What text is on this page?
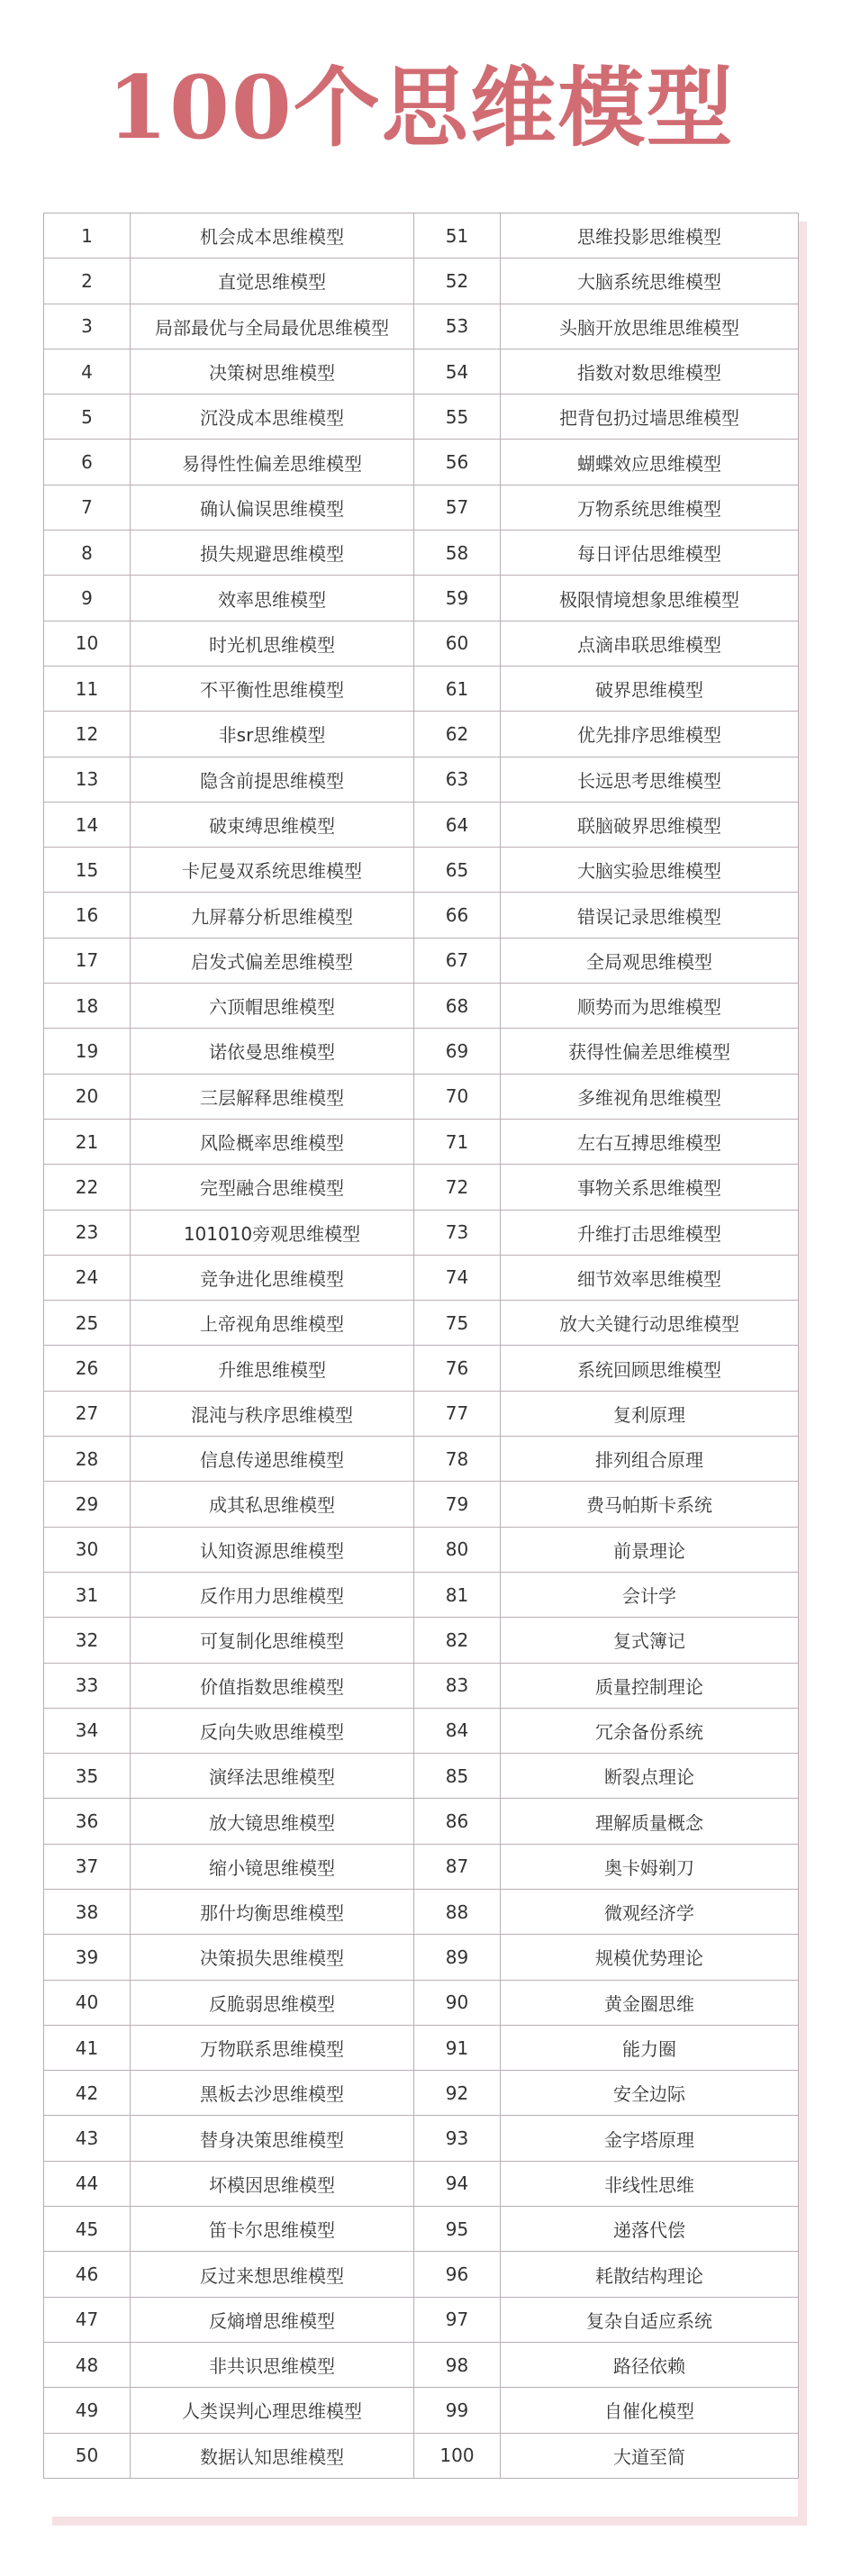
100个思维模型
1	机会成本思维模型	51	思维投影思维模型
2	直觉思维模型	52	大脑系统思维模型
3	局部最优与全局最优思维模型	53	头脑开放思维思维模型
4	决策树思维模型	54	指数对数思维模型
5	沉没成本思维模型	55	把背包扔过墙思维模型
6	易得性性偏差思维模型	56	蝴蝶效应思维模型
7	确认偏误思维模型	57	万物系统思维模型
8	损失规避思维模型	58	每日评估思维模型
9	效率思维模型	59	极限情境想象思维模型
10	时光机思维模型	60	点滴串联思维模型
11	不平衡性思维模型	61	破界思维模型
12	非sr思维模型	62	优先排序思维模型
13	隐含前提思维模型	63	长远思考思维模型
14	破束缚思维模型	64	联脑破界思维模型
15	卡尼曼双系统思维模型	65	大脑实验思维模型
16	九屏幕分析思维模型	66	错误记录思维模型
17	启发式偏差思维模型	67	全局观思维模型
18	六顶帽思维模型	68	顺势而为思维模型
19	诺依曼思维模型	69	获得性偏差思维模型
20	三层解释思维模型	70	多维视角思维模型
21	风险概率思维模型	71	左右互搏思维模型
22	完型融合思维模型	72	事物关系思维模型
23	101010旁观思维模型	73	升维打击思维模型
24	竞争进化思维模型	74	细节效率思维模型
25	上帝视角思维模型	75	放大关键行动思维模型
26	升维思维模型	76	系统回顾思维模型
27	混沌与秩序思维模型	77	复利原理
28	信息传递思维模型	78	排列组合原理
29	成其私思维模型	79	费马帕斯卡系统
30	认知资源思维模型	80	前景理论
31	反作用力思维模型	81	会计学
32	可复制化思维模型	82	复式簿记
33	价值指数思维模型	83	质量控制理论
34	反向失败思维模型	84	冗余备份系统
35	演绎法思维模型	85	断裂点理论
36	放大镜思维模型	86	理解质量概念
37	缩小镜思维模型	87	奥卡姆剃刀
38	那什均衡思维模型	88	微观经济学
39	决策损失思维模型	89	规模优势理论
40	反脆弱思维模型	90	黄金圈思维
41	万物联系思维模型	91	能力圈
42	黑板去沙思维模型	92	安全边际
43	替身决策思维模型	93	金字塔原理
44	坏模因思维模型	94	非线性思维
45	笛卡尔思维模型	95	递落代偿
46	反过来想思维模型	96	耗散结构理论
47	反熵增思维模型	97	复杂自适应系统
48	非共识思维模型	98	路径依赖
49	人类误判心理思维模型	99	自催化模型
50	数据认知思维模型	100	大道至简
